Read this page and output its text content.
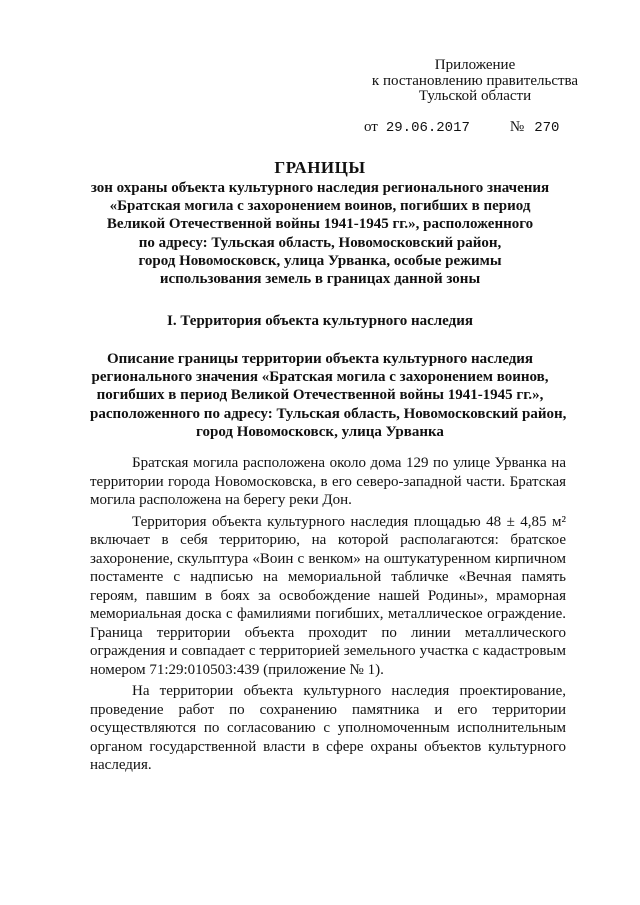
Приложение
к постановлению правительства
Тульской области
от 29.06.2017	№ 270
ГРАНИЦЫ
зон охраны объекта культурного наследия регионального значения
«Братская могила с захоронением воинов, погибших в период
Великой Отечественной войны 1941-1945 гг.», расположенного
по адресу: Тульская область, Новомосковский район,
город Новомосковск, улица Урванка, особые режимы
использования земель в границах данной зоны
I. Территория объекта культурного наследия
Описание границы территории объекта культурного наследия
регионального значения «Братская могила с захоронением воинов,
погибших в период Великой Отечественной войны 1941-1945 гг.»,
расположенного по адресу: Тульская область, Новомосковский район,
город Новомосковск, улица Урванка

Братская могила расположена около дома 129 по улице Урванка на территории города Новомосковска, в его северо-западной части. Братская могила расположена на берегу реки Дон.

Территория объекта культурного наследия площадью 48 ± 4,85 м² включает в себя территорию, на которой располагаются: братское захоронение, скульптура «Воин с венком» на оштукатуренном кирпичном постаменте с надписью на мемориальной табличке «Вечная память героям, павшим в боях за освобождение нашей Родины», мраморная мемориальная доска с фамилиями погибших, металлическое ограждение. Граница территории объекта проходит по линии металлического ограждения и совпадает с территорией земельного участка с кадастровым номером 71:29:010503:439 (приложение № 1).

На территории объекта культурного наследия проектирование, проведение работ по сохранению памятника и его территории осуществляются по согласованию с уполномоченным исполнительным органом государственной власти в сфере охраны объектов культурного наследия.
